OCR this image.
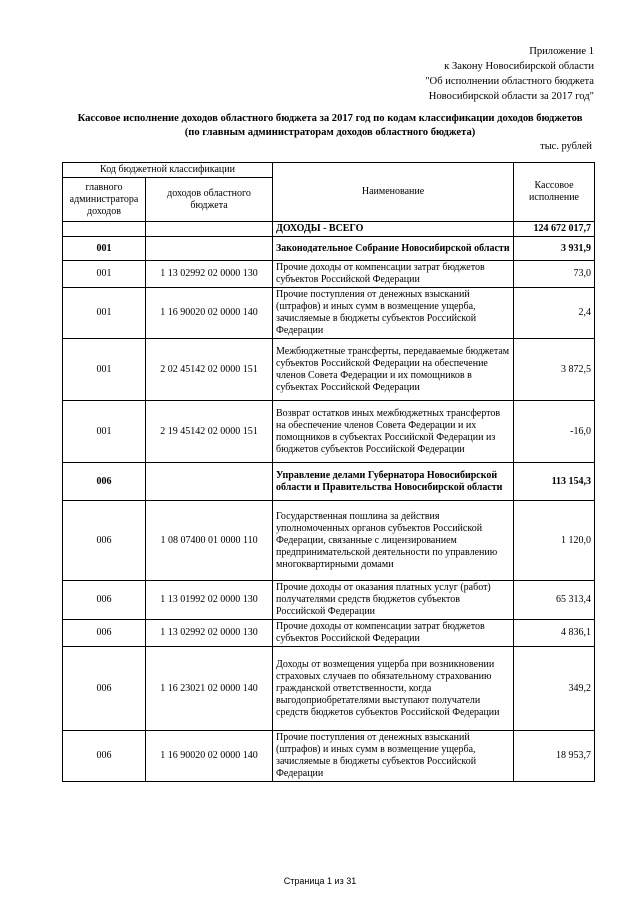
Приложение 1
к Закону Новосибирской области
"Об исполнении областного бюджета
Новосибирской области за 2017 год"
Кассовое исполнение доходов областного бюджета за 2017 год по кодам классификации доходов бюджетов
(по главным администраторам доходов областного бюджета)
тыс. рублей
Код бюджетной классификации		Наименование	Кассовое исполнение
главного администратора доходов	доходов областного бюджета		
		ДОХОДЫ - ВСЕГО	124 672 017,7
001		Законодательное Собрание Новосибирской области	3 931,9
001	1 13 02992 02 0000 130	Прочие доходы от компенсации затрат бюджетов субъектов Российской Федерации	73,0
001	1 16 90020 02 0000 140	Прочие поступления от денежных взысканий (штрафов) и иных сумм в возмещение ущерба, зачисляемые в бюджеты субъектов Российской Федерации	2,4
001	2 02 45142 02 0000 151	Межбюджетные трансферты, передаваемые бюджетам субъектов Российской Федерации на обеспечение членов Совета Федерации и их помощников в субъектах Российской Федерации	3 872,5
001	2 19 45142 02 0000 151	Возврат остатков иных межбюджетных трансфертов на обеспечение членов Совета Федерации и их помощников в субъектах Российской Федерации из бюджетов субъектов Российской Федерации	-16,0
006		Управление делами Губернатора Новосибирской области и Правительства Новосибирской области	113 154,3
006	1 08 07400 01 0000 110	Государственная пошлина за действия уполномоченных органов субъектов Российской Федерации, связанные с лицензированием предпринимательской деятельности по управлению многоквартирными домами	1 120,0
006	1 13 01992 02 0000 130	Прочие доходы от оказания платных услуг (работ) получателями средств бюджетов субъектов Российской Федерации	65 313,4
006	1 13 02992 02 0000 130	Прочие доходы от компенсации затрат бюджетов субъектов Российской Федерации	4 836,1
006	1 16 23021 02 0000 140	Доходы от возмещения ущерба при возникновении страховых случаев по обязательному страхованию гражданской ответственности, когда выгодоприобретателями выступают получатели средств бюджетов субъектов Российской Федерации	349,2
006	1 16 90020 02 0000 140	Прочие поступления от денежных взысканий (штрафов) и иных сумм в возмещение ущерба, зачисляемые в бюджеты субъектов Российской Федерации	18 953,7
Страница 1 из 31
